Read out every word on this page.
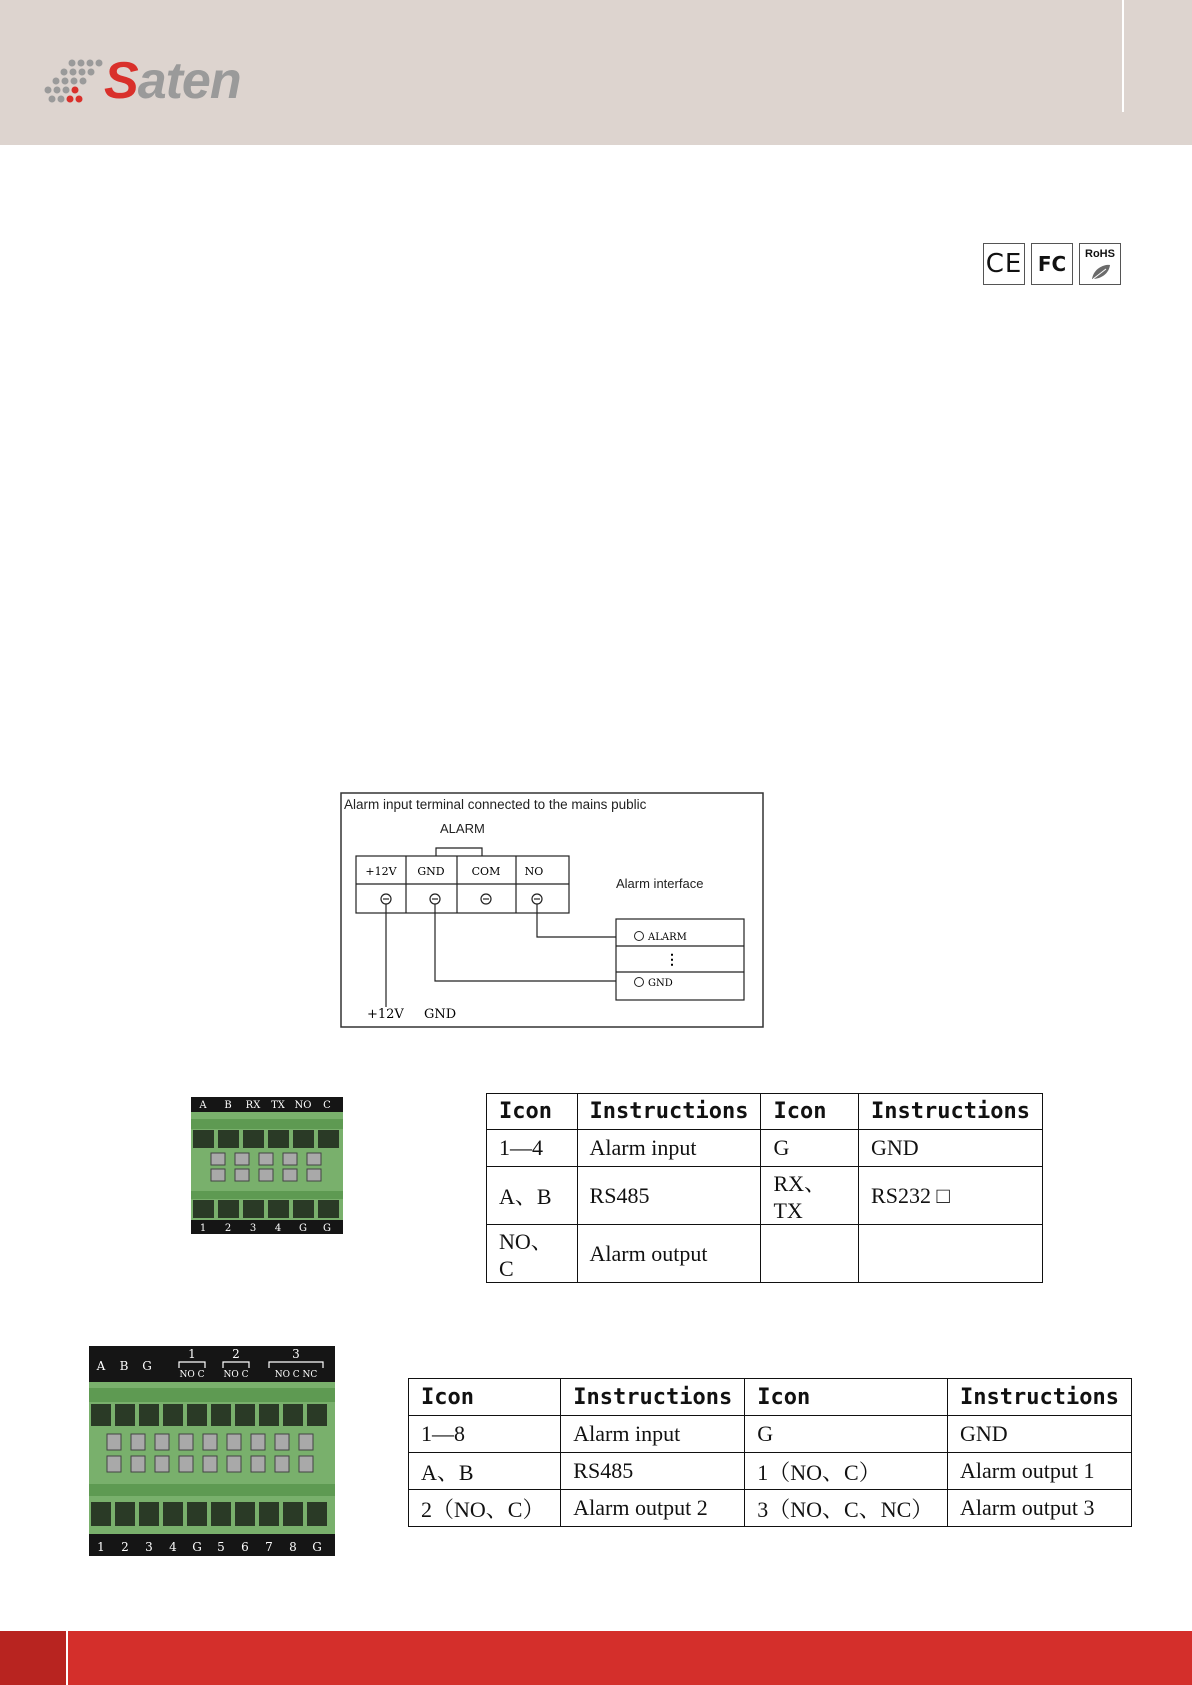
Saten
CE FC	RoHS
Alarm input terminal connected to the mains public
ALARM
+12V GND COM NO
Alarm interface
ALARM
⋮
GND
+12V GND
A B RX TX NO C
1 2 3 4 G G
Icon	Instructions	Icon	Instructions
1—4	Alarm input	G	GND
A、B	RS485	RX、TX	RS232 □
NO、C	Alarm output		
A B G
1	2	3
NO C NO C	NO C NC
1 2 3 4 G 5 6 7 8 G
Icon	Instructions	Icon	Instructions
1—8	Alarm input	G	GND
A、B	RS485	1（NO、C）	Alarm output 1
2（NO、C）	Alarm output 2	3（NO、C、NC）	Alarm output 3
